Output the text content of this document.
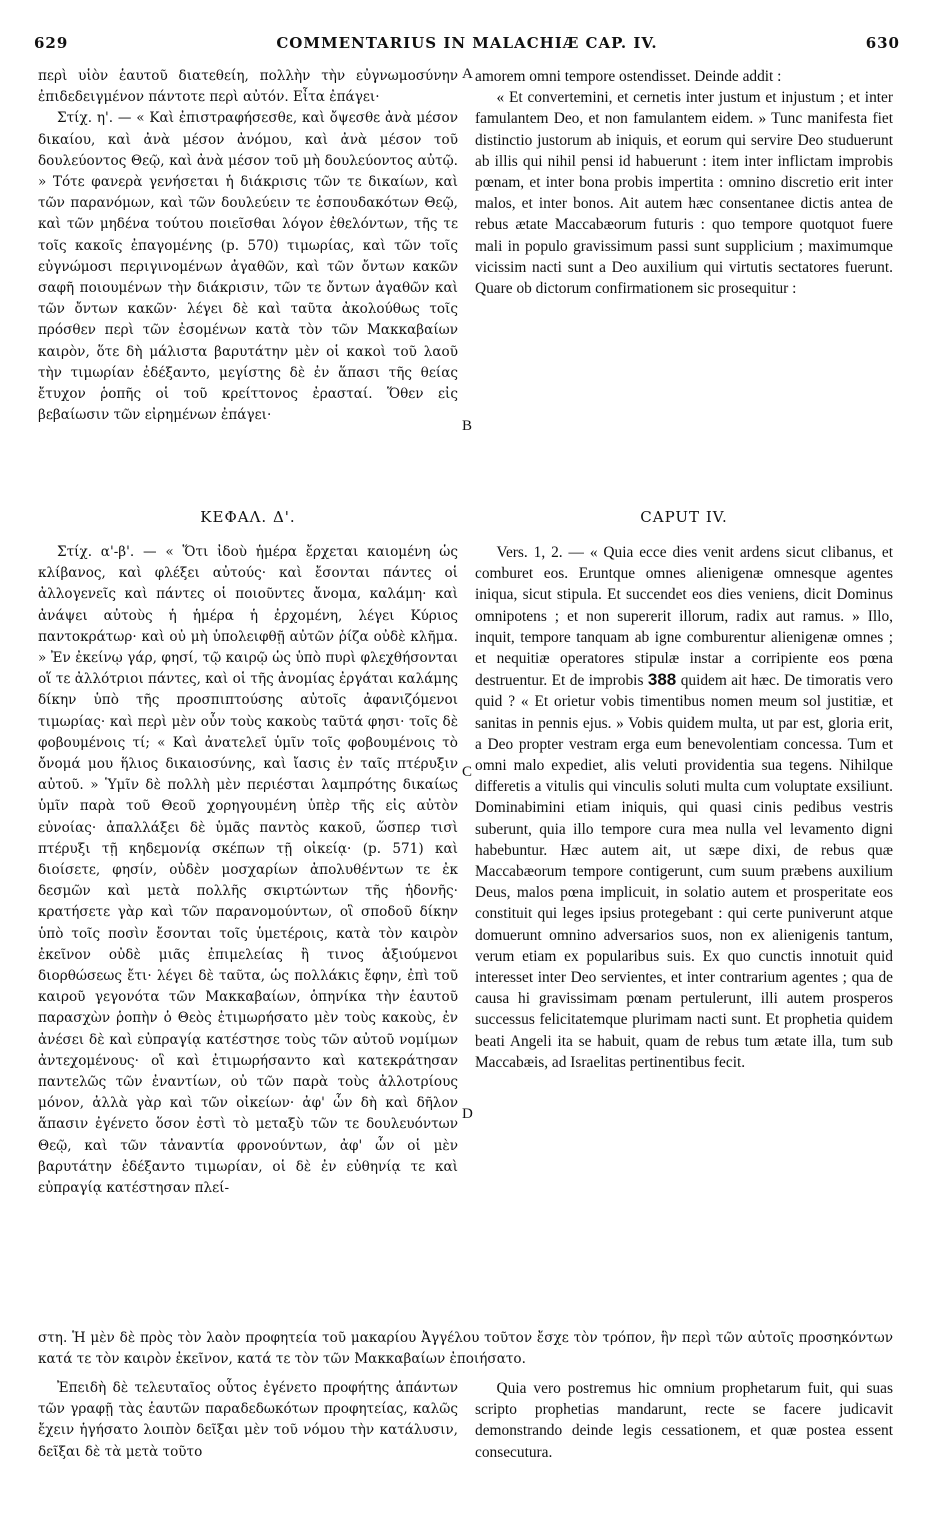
629	COMMENTARIUS IN MALACHIÆ CAP. IV.	630

περὶ υἱὸν ἑαυτοῦ διατεθείη, πολλὴν τὴν εὐγνωμοσύνην ἐπιδεδειγμένον πάντοτε περὶ αὐτόν. Εἶτα ἐπάγει·

Στίχ. η'. — « Καὶ ἐπιστραφήσεσθε, καὶ ὄψεσθε ἀνὰ μέσον δικαίου, καὶ ἀνὰ μέσον ἀνόμου, καὶ ἀνὰ μέσον τοῦ δουλεύοντος Θεῷ, καὶ ἀνὰ μέσον τοῦ μὴ δουλεύοντος αὐτῷ. » Τότε φανερὰ γενήσεται ἡ διάκρισις τῶν τε δικαίων, καὶ τῶν παρανόμων, καὶ τῶν δουλεύειν τε ἐσπουδακότων Θεῷ, καὶ τῶν μηδένα τούτου ποιεῖσθαι λόγον ἐθελόντων, τῆς τε τοῖς κακοῖς ἐπαγομένης (p. 570) τιμωρίας, καὶ τῶν τοῖς εὐγνώμοσι περιγινομένων ἀγαθῶν, καὶ τῶν ὄντων κακῶν σαφῆ ποιουμένων τὴν διάκρισιν, τῶν τε ὄντων ἀγαθῶν καὶ τῶν ὄντων κακῶν· λέγει δὲ καὶ ταῦτα ἀκολούθως τοῖς πρόσθεν περὶ τῶν ἐσομένων κατὰ τὸν τῶν Μακκαβαίων καιρὸν, ὅτε δὴ μάλιστα βαρυτάτην μὲν οἱ κακοὶ τοῦ λαοῦ τὴν τιμωρίαν ἐδέξαντο, μεγίστης δὲ ἐν ἅπασι τῆς θείας ἔτυχον ῥοπῆς οἱ τοῦ κρείττονος ἐρασταί. Ὅθεν εἰς βεβαίωσιν τῶν εἰρημένων ἐπάγει·

amorem omni tempore ostendisset. Deinde addit :

« Et convertemini, et cernetis inter justum et injustum ; et inter famulantem Deo, et non famulantem eidem. » Tunc manifesta fiet distinctio justorum ab iniquis, et eorum qui servire Deo studuerunt ab illis qui nihil pensi id habuerunt : item inter inflictam improbis pœnam, et inter bona probis impertita : omnino discretio erit inter malos, et inter bonos. Ait autem hæc consentanee dictis antea de rebus ætate Maccabæorum futuris : quo tempore quotquot fuere mali in populo gravissimum passi sunt supplicium ; maximumque vicissim nacti sunt a Deo auxilium qui virtutis sectatores fuerunt. Quare ob dictorum confirmationem sic prosequitur :

A
B
ΚΕΦΑΛ. Δ'.	CAPUT IV.

Στίχ. α'-β'. — « Ὅτι ἰδοὺ ἡμέρα ἔρχεται καιομένη ὡς κλίβανος, καὶ φλέξει αὐτούς· καὶ ἔσονται πάντες οἱ ἀλλογενεῖς καὶ πάντες οἱ ποιοῦντες ἄνομα, καλάμη· καὶ ἀνάψει αὐτοὺς ἡ ἡμέρα ἡ ἐρχομένη, λέγει Κύριος παντοκράτωρ· καὶ οὐ μὴ ὑπολειφθῇ αὐτῶν ῥίζα οὐδὲ κλῆμα. » Ἐν ἐκείνῳ γάρ, φησί, τῷ καιρῷ ὡς ὑπὸ πυρὶ φλεχθήσονται οἵ τε ἀλλότριοι πάντες, καὶ οἱ τῆς ἀνομίας ἐργάται καλάμης δίκην ὑπὸ τῆς προσπιπτούσης αὐτοῖς ἀφανιζόμενοι τιμωρίας· καὶ περὶ μὲν οὖν τοὺς κακοὺς ταῦτά φησι· τοῖς δὲ φοβουμένοις τί; « Καὶ ἀνατελεῖ ὑμῖν τοῖς φοβουμένοις τὸ ὄνομά μου ἥλιος δικαιοσύνης, καὶ ἴασις ἐν ταῖς πτέρυξιν αὐτοῦ. » Ὑμῖν δὲ πολλὴ μὲν περιέσται λαμπρότης δικαίως ὑμῖν παρὰ τοῦ Θεοῦ χορηγουμένη ὑπὲρ τῆς εἰς αὐτὸν εὐνοίας· ἀπαλλάξει δὲ ὑμᾶς παντὸς κακοῦ, ὥσπερ τισὶ πτέρυξι τῇ κηδεμονίᾳ σκέπων τῇ οἰκείᾳ· (p. 571) καὶ διοίσετε, φησίν, οὐδὲν μοσχαρίων ἀπολυθέντων τε ἐκ δεσμῶν καὶ μετὰ πολλῆς σκιρτώντων τῆς ἡδονῆς· κρατήσετε γὰρ καὶ τῶν παρανομούντων, οἳ σποδοῦ δίκην ὑπὸ τοῖς ποσὶν ἔσονται τοῖς ὑμετέροις, κατὰ τὸν καιρὸν ἐκεῖνον οὐδὲ μιᾶς ἐπιμελείας ἢ τινος ἀξιούμενοι διορθώσεως ἔτι· λέγει δὲ ταῦτα, ὡς πολλάκις ἔφην, ἐπὶ τοῦ καιροῦ γεγονότα τῶν Μακκαβαίων, ὁπηνίκα τὴν ἑαυτοῦ παρασχὼν ῥοπὴν ὁ Θεὸς ἐτιμωρήσατο μὲν τοὺς κακοὺς, ἐν ἀνέσει δὲ καὶ εὐπραγίᾳ κατέστησε τοὺς τῶν αὐτοῦ νομίμων ἀντεχομένους· οἳ καὶ ἐτιμωρήσαντο καὶ κατεκράτησαν παντελῶς τῶν ἐναντίων, οὐ τῶν παρὰ τοὺς ἀλλοτρίους μόνον, ἀλλὰ γὰρ καὶ τῶν οἰκείων· ἀφ' ὧν δὴ καὶ δῆλον ἅπασιν ἐγένετο ὅσον ἐστὶ τὸ μεταξὺ τῶν τε δουλευόντων Θεῷ, καὶ τῶν τἀναντία φρονούντων, ἀφ' ὧν οἱ μὲν βαρυτάτην ἐδέξαντο τιμωρίαν, οἱ δὲ ἐν εὐθηνίᾳ τε καὶ εὐπραγίᾳ κατέστησαν πλεί-

Vers. 1, 2. — « Quia ecce dies venit ardens sicut clibanus, et comburet eos. Eruntque omnes alienigenæ omnesque agentes iniqua, sicut stipula. Et succendet eos dies veniens, dicit Dominus omnipotens ; et non supererit illorum, radix aut ramus. » Illo, inquit, tempore tanquam ab igne comburentur alienigenæ omnes ; et nequitiæ operatores stipulæ instar a corripiente eos pœna destruentur. Et de improbis 388 quidem ait hæc. De timoratis vero quid ? « Et orietur vobis timentibus nomen meum sol justitiæ, et sanitas in pennis ejus. » Vobis quidem multa, ut par est, gloria erit, a Deo propter vestram erga eum benevolentiam concessa. Tum et omni malo expediet, alis veluti providentia sua tegens. Nihilque differetis a vitulis qui vinculis soluti multa cum voluptate exsiliunt. Dominabimini etiam iniquis, qui quasi cinis pedibus vestris suberunt, quia illo tempore cura mea nulla vel levamento digni habebuntur. Hæc autem ait, ut sæpe dixi, de rebus quæ Maccabæorum tempore contigerunt, cum suum præbens auxilium Deus, malos pœna implicuit, in solatio autem et prosperitate eos constituit qui leges ipsius protegebant : qui certe puniverunt atque domuerunt omnino adversarios suos, non ex alienigenis tantum, verum etiam ex popularibus suis. Ex quo cunctis innotuit quid interesset inter Deo servientes, et inter contrarium agentes ; qua de causa hi gravissimam pœnam pertulerunt, illi autem prosperos successus felicitatemque plurimam nacti sunt. Et prophetia quidem beati Angeli ita se habuit, quam de rebus tum ætate illa, tum sub Maccabæis, ad Israelitas pertinentibus fecit.

C
D
στη. Ἡ μὲν δὲ πρὸς τὸν λαὸν προφητεία τοῦ μακαρίου Ἀγγέλου τοῦτον ἔσχε τὸν τρόπον, ἣν περὶ τῶν αὐτοῖς προσηκόντων κατά τε τὸν καιρὸν ἐκεῖνον, κατά τε τὸν τῶν Μακκαβαίων ἐποιήσατο.

Ἐπειδὴ δὲ τελευταῖος οὗτος ἐγένετο προφήτης ἁπάντων τῶν γραφῇ τὰς ἑαυτῶν παραδεδωκότων προφητείας, καλῶς ἔχειν ἡγήσατο λοιπὸν δεῖξαι μὲν τοῦ νόμου τὴν κατάλυσιν, δεῖξαι δὲ τὰ μετὰ τοῦτο

Quia vero postremus hic omnium prophetarum fuit, qui suas scripto prophetias mandarunt, recte se facere judicavit demonstrando deinde legis cessationem, et quæ postea essent consecutura.
